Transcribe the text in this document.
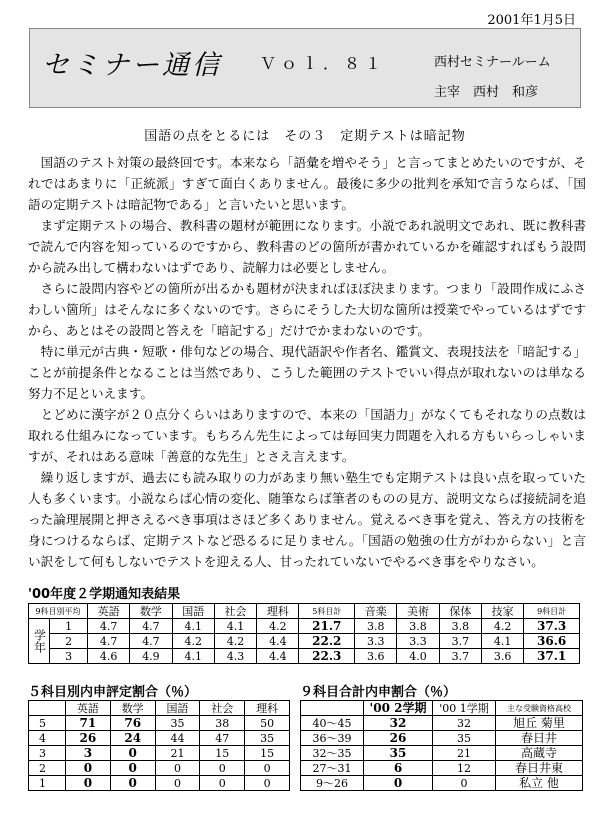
2001年1月5日
セミナー通信 Ｖｏｌ．８１	西村セミナールーム
主宰　西村　和彦
国語の点をとるには　その３　定期テストは暗記物

国語のテスト対策の最終回です。本来なら「語彙を増やそう」と言ってまとめたいのですが、それではあまりに「正統派」すぎて面白くありません。最後に多少の批判を承知で言うならば、「国語の定期テストは暗記物である」と言いたいと思います。

まず定期テストの場合、教科書の題材が範囲になります。小説であれ説明文であれ、既に教科書で読んで内容を知っているのですから、教科書のどの箇所が書かれているかを確認すればもう設問から読み出して構わないはずであり、読解力は必要としません。

さらに設問内容やどの箇所が出るかも題材が決まればほぼ決まります。つまり「設問作成にふさわしい箇所」はそんなに多くないのです。さらにそうした大切な箇所は授業でやっているはずですから、あとはその設問と答えを「暗記する」だけでかまわないのです。

特に単元が古典・短歌・俳句などの場合、現代語訳や作者名、鑑賞文、表現技法を「暗記する」ことが前提条件となることは当然であり、こうした範囲のテストでいい得点が取れないのは単なる努力不足といえます。

とどめに漢字が２０点分くらいはありますので、本来の「国語力」がなくてもそれなりの点数は取れる仕組みになっています。もちろん先生によっては毎回実力問題を入れる方もいらっしゃいますが、それはある意味「善意的な先生」とさえ言えます。

繰り返しますが、過去にも読み取りの力があまり無い塾生でも定期テストは良い点を取っていた人も多くいます。小説ならば心情の変化、随筆ならば筆者のものの見方、説明文ならば接続詞を追った論理展開と押さえるべき事項はさほど多くありません。覚えるべき事を覚え、答え方の技術を身につけるならば、定期テストなど恐るるに足りません。「国語の勉強の仕方がわからない」と言い訳をして何もしないでテストを迎える人、甘ったれていないでやるべき事をやりなさい。

'00年度２学期通知表結果
9科目別平均		英語	数学	国語	社会	理科	5科目計	音楽	美術	保体	技家	9科目計

学年	1	4.7	4.7	4.1	4.1	4.2	21.7	3.8	3.8	3.8	4.2	37.3
	2	4.7	4.7	4.2	4.2	4.4	22.2	3.3	3.3	3.7	4.1	36.6
	3	4.6	4.9	4.1	4.3	4.4	22.3	3.6	4.0	3.7	3.6	37.1
５科目別内申評定割合（％）
	英語	数学	国語	社会	理科
5	71	76	35	38	50
4	26	24	44	47	35
3	3	0	21	15	15
2	0	0	0	0	0
1	0	0	0	0	0
９科目合計内申割合（％）
	'00 2学期	'00 1学期	主な受験資格高校
40～45	32	32	旭丘 菊里
36～39	26	35	春日井
32～35	35	21	高蔵寺
27～31	6	12	春日井東
9～26	0	0	私立 他
